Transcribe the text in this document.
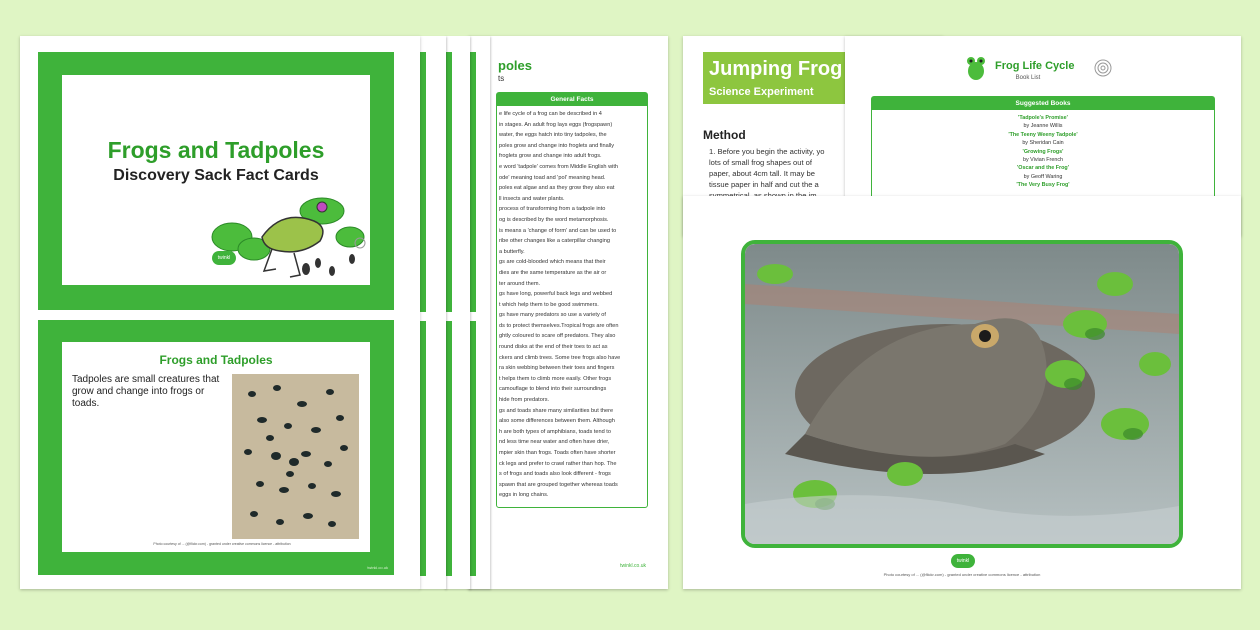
poles
ts
General Facts
e life cycle of a frog can be described in 4
in stages. An adult frog lays eggs (frogspawn)
water, the eggs hatch into tiny tadpoles, the
poles grow and change into froglets and finally
froglets grow and change into adult frogs.
e word 'tadpole' comes from Middle English with
ode' meaning toad and 'pol' meaning head.
poles eat algae and as they grow they also eat
ll insects and water plants.
process of transforming from a tadpole into
og is described by the word metamorphosis.
is means a 'change of form' and can be used to
ribe other changes like a caterpillar changing
a butterfly.
gs are cold-blooded which means that their
dies are the same temperature as the air or
ter around them.
gs have long, powerful back legs and webbed
t which help them to be good swimmers.
gs have many predators so use a variety of
ds to protect themselves.Tropical frogs are often
ghtly coloured to scare off predators. They also
round disks at the end of their toes to act as
ckers and climb trees. Some tree frogs also have
ra skin webbing between their toes and fingers
t helps them to climb more easily. Other frogs
camouflage to blend into their surroundings
hide from predators.
gs and toads share many similarities but there
also some differences between them. Although
h are both types of amphibians, toads tend to
nd less time near water and often have drier,
mpier skin than frogs. Toads often have shorter
ck legs and prefer to crawl rather than hop. The
s of frogs and toads also look different - frogs
spawn that are grouped together whereas toads
eggs in long chains.
twinkl.co.uk
Frogs and Tadpoles
Discovery Sack Fact Cards
twinkl
Frogs and Tadpoles
Tadpoles are small creatures that grow and change into frogs or toads.
Photo courtesy of ... (@flickr.com) - granted under creative commons licence - attribution
twinkl.co.uk
Jumping Frog
Science Experiment
Method
1. Before you begin the activity, yo
lots of small frog shapes out of
paper, about 4cm tall. It may be
tissue paper in half and cut the a
Frog Life Cycle
Book List
Suggested Books
'Tadpole's Promise'
by Jeanne Willis
'The Teeny Weeny Tadpole'
by Sheridan Cain
'Growing Frogs'
by Vivian French
'Oscar and the Frog'
by Geoff Waring
'The Very Busy Frog'
twinkl
Photo courtesy of ... (@flickr.com) - granted under creative commons licence - attribution
